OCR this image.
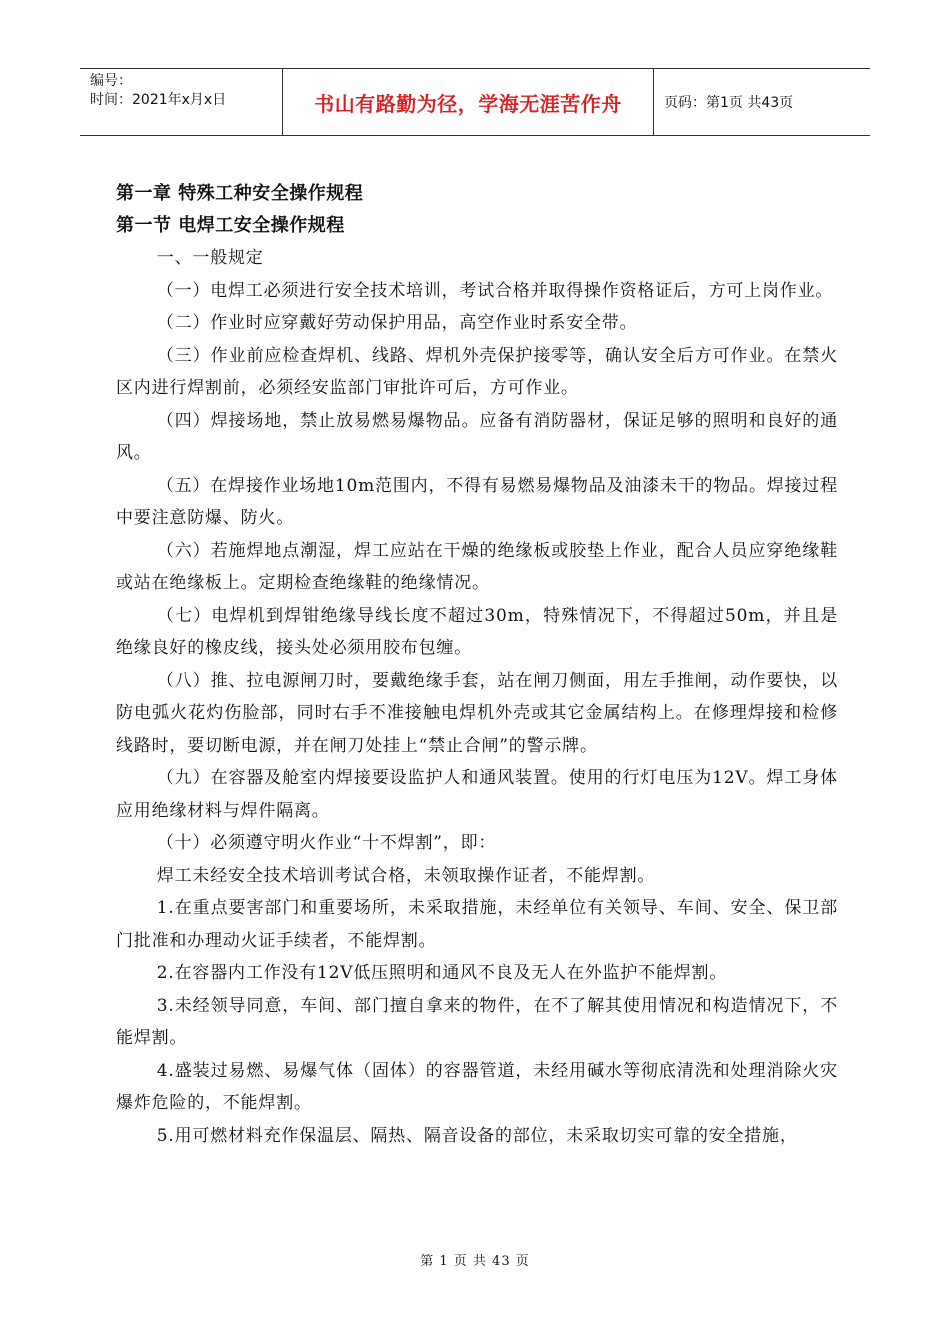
编号：
时间：2021年x月x日	书山有路勤为径，学海无涯苦作舟	页码：第1页 共43页
第一章 特殊工种安全操作规程
第一节 电焊工安全操作规程

一、一般规定

（一）电焊工必须进行安全技术培训，考试合格并取得操作资格证后，方可上岗作业。

（二）作业时应穿戴好劳动保护用品，高空作业时系安全带。

（三）作业前应检查焊机、线路、焊机外壳保护接零等，确认安全后方可作业。在禁火区内进行焊割前，必须经安监部门审批许可后，方可作业。

（四）焊接场地，禁止放易燃易爆物品。应备有消防器材，保证足够的照明和良好的通风。

（五）在焊接作业场地10m范围内，不得有易燃易爆物品及油漆未干的物品。焊接过程中要注意防爆、防火。

（六）若施焊地点潮湿，焊工应站在干燥的绝缘板或胶垫上作业，配合人员应穿绝缘鞋或站在绝缘板上。定期检查绝缘鞋的绝缘情况。

（七）电焊机到焊钳绝缘导线长度不超过30m，特殊情况下，不得超过50m，并且是绝缘良好的橡皮线，接头处必须用胶布包缠。

（八）推、拉电源闸刀时，要戴绝缘手套，站在闸刀侧面，用左手推闸，动作要快，以防电弧火花灼伤脸部，同时右手不准接触电焊机外壳或其它金属结构上。在修理焊接和检修线路时，要切断电源，并在闸刀处挂上“禁止合闸”的警示牌。

（九）在容器及舱室内焊接要设监护人和通风装置。使用的行灯电压为12V。焊工身体应用绝缘材料与焊件隔离。

（十）必须遵守明火作业“十不焊割”，即：

焊工未经安全技术培训考试合格，未领取操作证者，不能焊割。

1.在重点要害部门和重要场所，未采取措施，未经单位有关领导、车间、安全、保卫部门批准和办理动火证手续者，不能焊割。

2.在容器内工作没有12V低压照明和通风不良及无人在外监护不能焊割。

3.未经领导同意，车间、部门擅自拿来的物件，在不了解其使用情况和构造情况下，不能焊割。

4.盛装过易燃、易爆气体（固体）的容器管道，未经用碱水等彻底清洗和处理消除火灾爆炸危险的，不能焊割。

5.用可燃材料充作保温层、隔热、隔音设备的部位，未采取切实可靠的安全措施，

第 1 页 共 43 页
